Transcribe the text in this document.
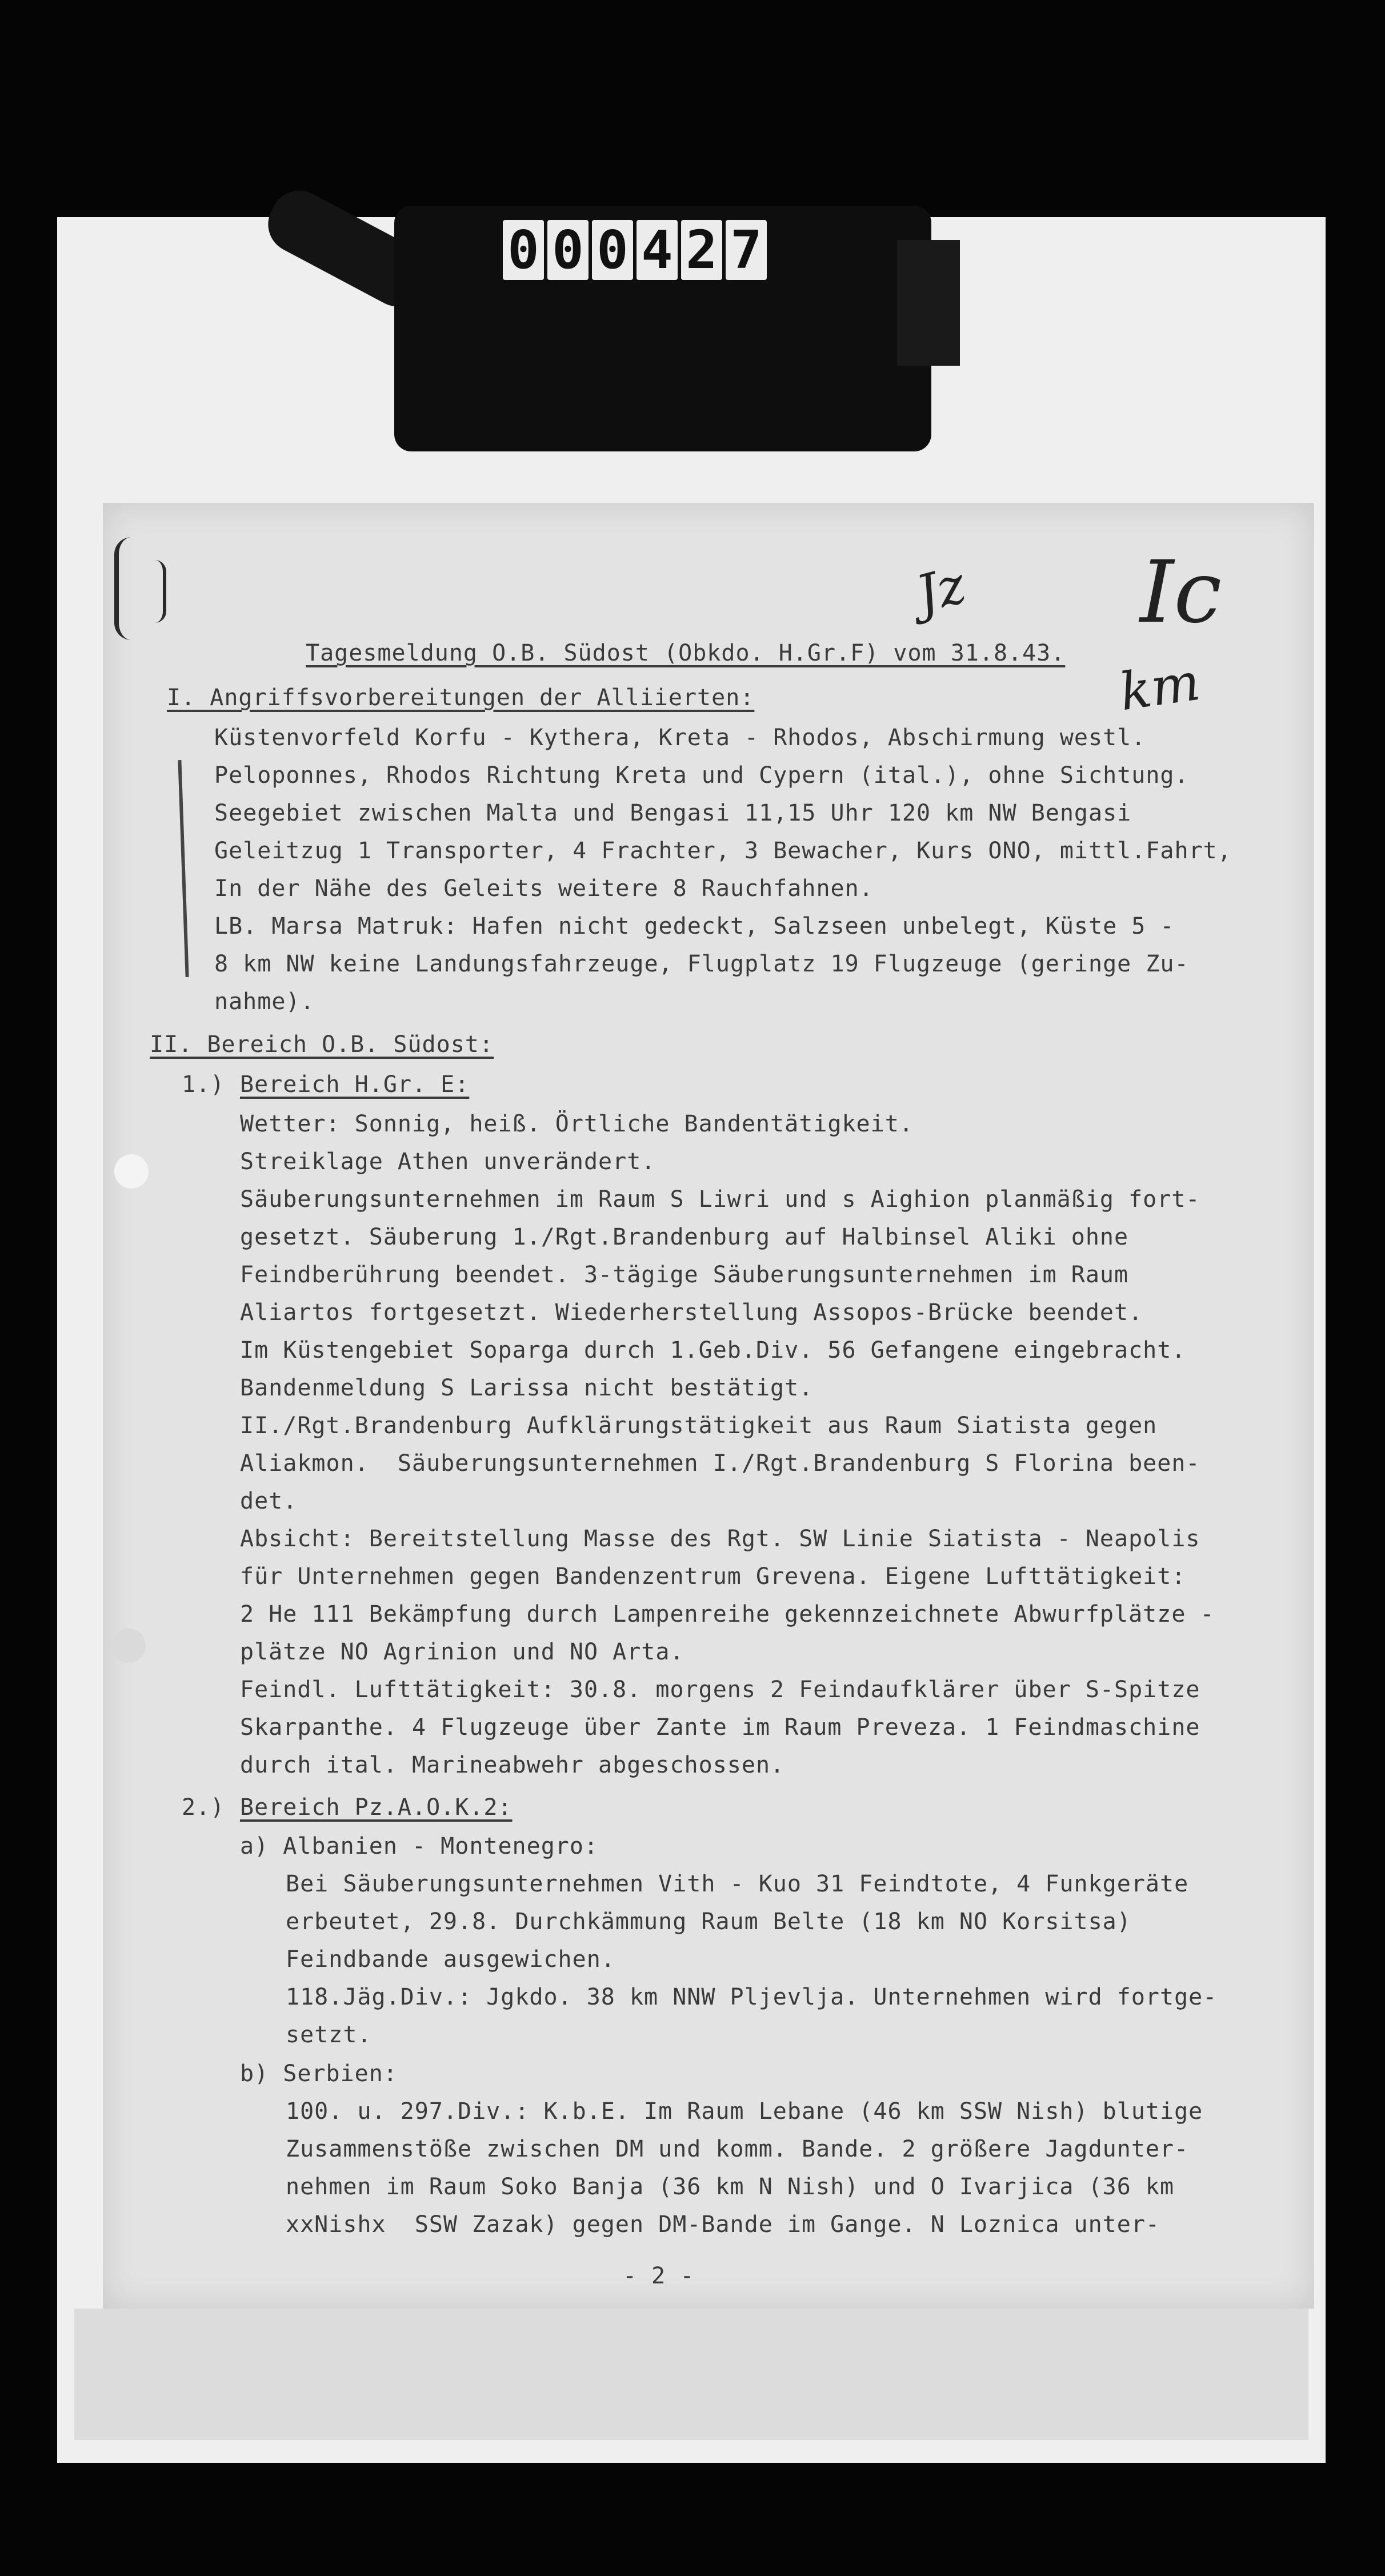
0 0 0 4 2 7
Ic
km
Jz
Tagesmeldung O.B. Südost (Obkdo. H.Gr.F) vom 31.8.43.
I. Angriffsvorbereitungen der Alliierten:
Küstenvorfeld Korfu - Kythera, Kreta - Rhodos, Abschirmung westl.
Peloponnes, Rhodos Richtung Kreta und Cypern (ital.), ohne Sichtung.
Seegebiet zwischen Malta und Bengasi 11,15 Uhr 120 km NW Bengasi
Geleitzug 1 Transporter, 4 Frachter, 3 Bewacher, Kurs ONO, mittl.Fahrt,
In der Nähe des Geleits weitere 8 Rauchfahnen.
LB. Marsa Matruk: Hafen nicht gedeckt, Salzseen unbelegt, Küste 5 -
8 km NW keine Landungsfahrzeuge, Flugplatz 19 Flugzeuge (geringe Zu-
nahme).
II. Bereich O.B. Südost:
1.) Bereich H.Gr. E:
Wetter: Sonnig, heiß. Örtliche Bandentätigkeit.
Streiklage Athen unverändert.
Säuberungsunternehmen im Raum S Liwri und s Aighion planmäßig fort-
gesetzt. Säuberung 1./Rgt.Brandenburg auf Halbinsel Aliki ohne
Feindberührung beendet. 3-tägige Säuberungsunternehmen im Raum
Aliartos fortgesetzt. Wiederherstellung Assopos-Brücke beendet.
Im Küstengebiet Soparga durch 1.Geb.Div. 56 Gefangene eingebracht.
Bandenmeldung S Larissa nicht bestätigt.
II./Rgt.Brandenburg Aufklärungstätigkeit aus Raum Siatista gegen
Aliakmon.  Säuberungsunternehmen I./Rgt.Brandenburg S Florina been-
det.
Absicht: Bereitstellung Masse des Rgt. SW Linie Siatista - Neapolis
für Unternehmen gegen Bandenzentrum Grevena. Eigene Lufttätigkeit:
2 He 111 Bekämpfung durch Lampenreihe gekennzeichnete Abwurfplätze -
plätze NO Agrinion und NO Arta.
Feindl. Lufttätigkeit: 30.8. morgens 2 Feindaufklärer über S-Spitze
Skarpanthe. 4 Flugzeuge über Zante im Raum Preveza. 1 Feindmaschine
durch ital. Marineabwehr abgeschossen.
2.) Bereich Pz.A.O.K.2:
a) Albanien - Montenegro:
Bei Säuberungsunternehmen Vith - Kuo 31 Feindtote, 4 Funkgeräte
erbeutet, 29.8. Durchkämmung Raum Belte (18 km NO Korsitsa)
Feindbande ausgewichen.
118.Jäg.Div.: Jgkdo. 38 km NNW Pljevlja. Unternehmen wird fortge-
setzt.
b) Serbien:
100. u. 297.Div.: K.b.E. Im Raum Lebane (46 km SSW Nish) blutige
Zusammenstöße zwischen DM und komm. Bande. 2 größere Jagdunter-
nehmen im Raum Soko Banja (36 km N Nish) und O Ivarjica (36 km
xxNishx  SSW Zazak) gegen DM-Bande im Gange. N Loznica unter-
- 2 -
